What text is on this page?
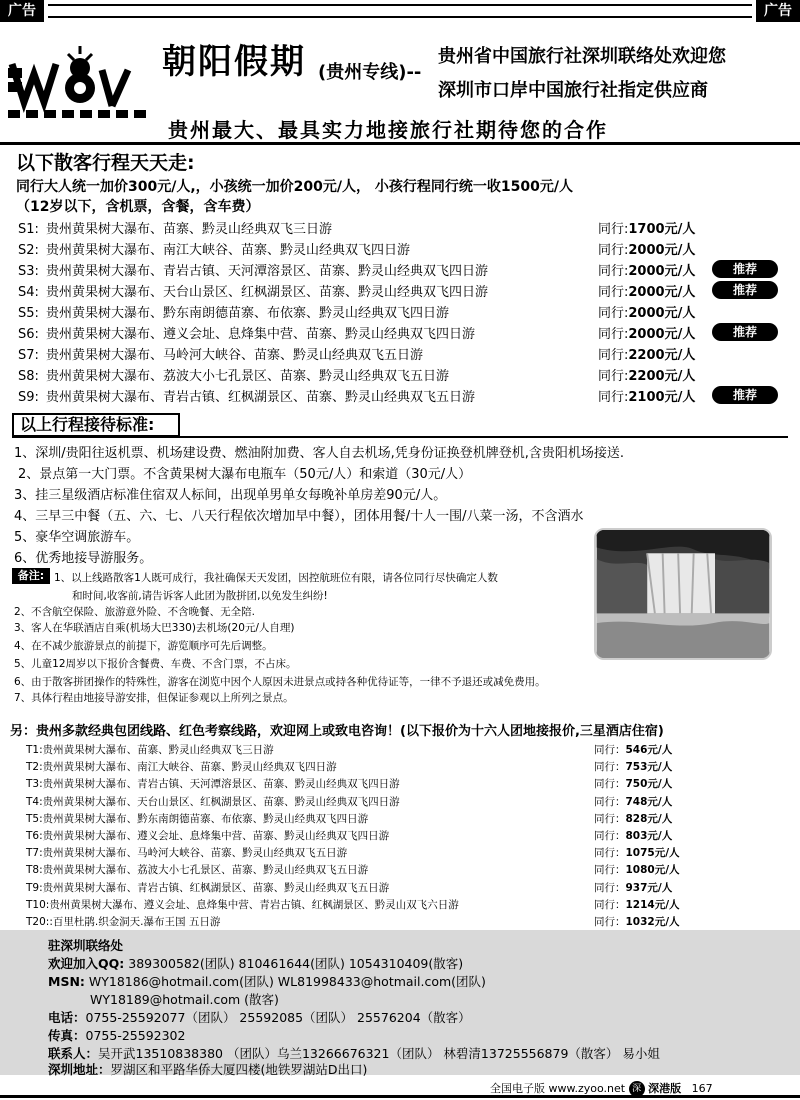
广告	广告
朝阳假期 (贵州专线)--
贵州省中国旅行社深圳联络处欢迎您
深圳市口岸中国旅行社指定供应商
贵州最大、最具实力地接旅行社期待您的合作
以下散客行程天天走:
同行大人统一加价300元/人,，小孩统一加价200元/人， 小孩行程同行统一收1500元/人
（12岁以下，含机票，含餐，含车费）
S1: 贵州黄果树大瀑布、苗寨、黔灵山经典双飞三日游	同行:1700元/人
S2: 贵州黄果树大瀑布、南江大峡谷、苗寨、黔灵山经典双飞四日游	同行:2000元/人
S3: 贵州黄果树大瀑布、青岩古镇、天河潭溶景区、苗寨、黔灵山经典双飞四日游	同行:2000元/人	推荐
S4: 贵州黄果树大瀑布、天台山景区、红枫湖景区、苗寨、黔灵山经典双飞四日游	同行:2000元/人	推荐
S5: 贵州黄果树大瀑布、黔东南朗德苗寨、布依寨、黔灵山经典双飞四日游	同行:2000元/人
S6: 贵州黄果树大瀑布、遵义会址、息烽集中营、苗寨、黔灵山经典双飞四日游	同行:2000元/人	推荐
S7: 贵州黄果树大瀑布、马岭河大峡谷、苗寨、黔灵山经典双飞五日游	同行:2200元/人
S8: 贵州黄果树大瀑布、荔波大小七孔景区、苗寨、黔灵山经典双飞五日游	同行:2200元/人
S9: 贵州黄果树大瀑布、青岩古镇、红枫湖景区、苗寨、黔灵山经典双飞五日游	同行:2100元/人	推荐
以上行程接待标准:
1、深圳/贵阳往返机票、机场建设费、燃油附加费、客人自去机场,凭身份证换登机牌登机,含贵阳机场接送.
2、景点第一大门票。不含黄果树大瀑布电瓶车（50元/人）和索道（30元/人）
3、挂三星级酒店标准住宿双人标间，出现单男单女每晚补单房差90元/人。
4、三早三中餐（五、六、七、八天行程依次增加早中餐），团体用餐/十人一围/八菜一汤，不含酒水
5、豪华空调旅游车。
6、优秀地接导游服务。
备注: 1、以上线路散客1人既可成行，我社确保天天发团，因控航班位有限，请各位同行尽快确定人数
和时间,收客前,请告诉客人此团为散拼团,以免发生纠纷!
2、不含航空保险、旅游意外险、不含晚餐、无全陪.
3、客人在华联酒店自乘(机场大巴330)去机场(20元/人自理)
4、在不减少旅游景点的前提下，游览顺序可先后调整。
5、儿童12周岁以下报价含餐费、车费、不含门票，不占床。
6、由于散客拼团操作的特殊性，游客在浏览中因个人原因未进景点或持各种优待证等，一律不予退还或减免费用。
7、具体行程由地接导游安排，但保证参观以上所列之景点。
另：贵州多款经典包团线路、红色考察线路，欢迎网上或致电咨询！(以下报价为十六人团地接报价,三星酒店住宿)
T1:贵州黄果树大瀑布、苗寨、黔灵山经典双飞三日游	同行：546元/人
T2:贵州黄果树大瀑布、南江大峡谷、苗寨、黔灵山经典双飞四日游	同行：753元/人
T3:贵州黄果树大瀑布、青岩古镇、天河潭溶景区、苗寨、黔灵山经典双飞四日游	同行：750元/人
T4:贵州黄果树大瀑布、天台山景区、红枫湖景区、苗寨、黔灵山经典双飞四日游	同行：748元/人
T5:贵州黄果树大瀑布、黔东南朗德苗寨、布依寨、黔灵山经典双飞四日游	同行：828元/人
T6:贵州黄果树大瀑布、遵义会址、息烽集中营、苗寨、黔灵山经典双飞四日游	同行：803元/人
T7:贵州黄果树大瀑布、马岭河大峡谷、苗寨、黔灵山经典双飞五日游	同行：1075元/人
T8:贵州黄果树大瀑布、荔波大小七孔景区、苗寨、黔灵山经典双飞五日游	同行：1080元/人
T9:贵州黄果树大瀑布、青岩古镇、红枫湖景区、苗寨、黔灵山经典双飞五日游	同行：937元/人
T10:贵州黄果树大瀑布、遵义会址、息烽集中营、青岩古镇、红枫湖景区、黔灵山双飞六日游	同行：1214元/人
T20::百里杜鹃.织金洞天.瀑布王国 五日游	同行：1032元/人
驻深圳联络处
欢迎加入QQ: 389300582(团队) 810461644(团队) 1054310409(散客)
MSN: WY18186@hotmail.com(团队) WL81998433@hotmail.com(团队)
WY18189@hotmail.com (散客)
电话：0755-25592077（团队） 25592085（团队） 25576204（散客）
传真：0755-25592302
联系人：吴开武13510838380 （团队）乌兰13266676321（团队） 林碧清13725556879（散客） 易小姐
深圳地址：罗湖区和平路华侨大厦四楼(地铁罗湖站D出口)
全国电子版 www.zyoo.net 深 深港版 167
